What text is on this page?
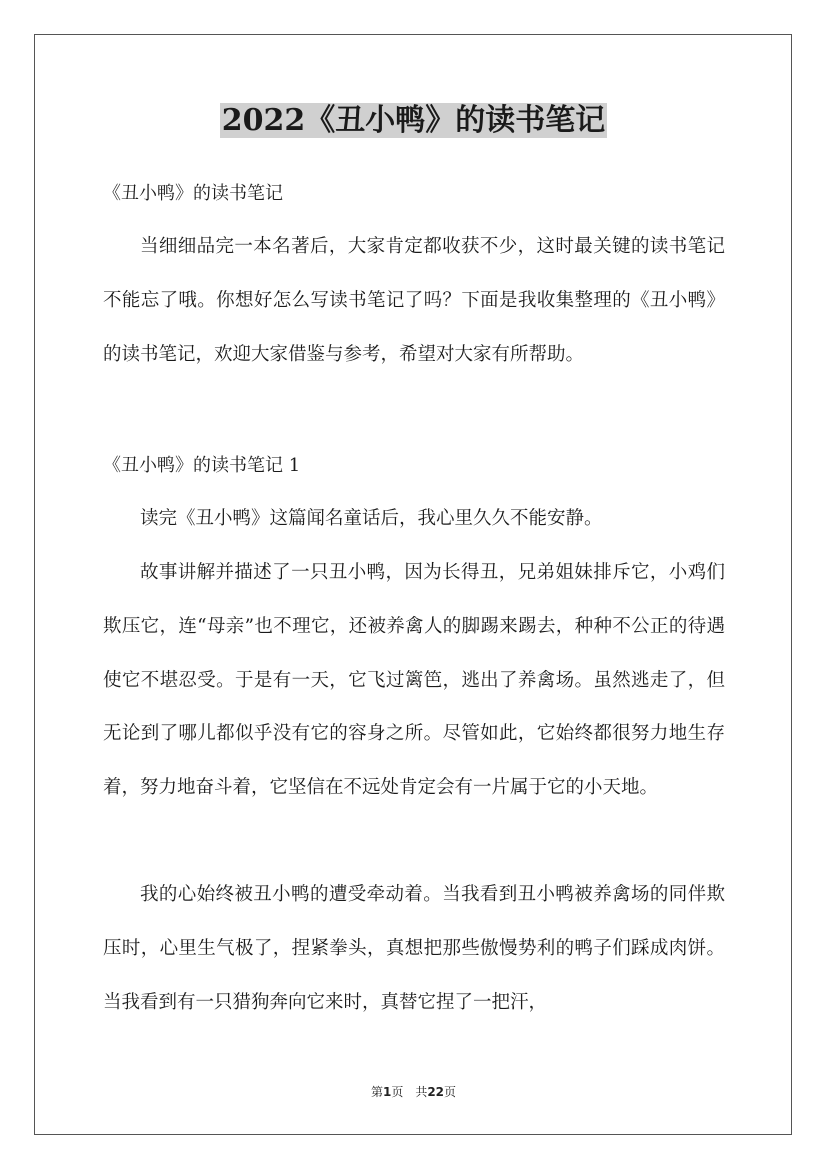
2022《丑小鸭》的读书笔记
《丑小鸭》的读书笔记

当细细品完一本名著后，大家肯定都收获不少，这时最关键的读书笔记不能忘了哦。你想好怎么写读书笔记了吗？下面是我收集整理的《丑小鸭》的读书笔记，欢迎大家借鉴与参考，希望对大家有所帮助。

《丑小鸭》的读书笔记 1

读完《丑小鸭》这篇闻名童话后，我心里久久不能安静。

故事讲解并描述了一只丑小鸭，因为长得丑，兄弟姐妹排斥它，小鸡们欺压它，连“母亲”也不理它，还被养禽人的脚踢来踢去，种种不公正的待遇使它不堪忍受。于是有一天，它飞过篱笆，逃出了养禽场。虽然逃走了，但无论到了哪儿都似乎没有它的容身之所。尽管如此，它始终都很努力地生存着，努力地奋斗着，它坚信在不远处肯定会有一片属于它的小天地。

我的心始终被丑小鸭的遭受牵动着。当我看到丑小鸭被养禽场的同伴欺压时，心里生气极了，捏紧拳头，真想把那些傲慢势利的鸭子们踩成肉饼。当我看到有一只猎狗奔向它来时，真替它捏了一把汗，

第1页　共22页
